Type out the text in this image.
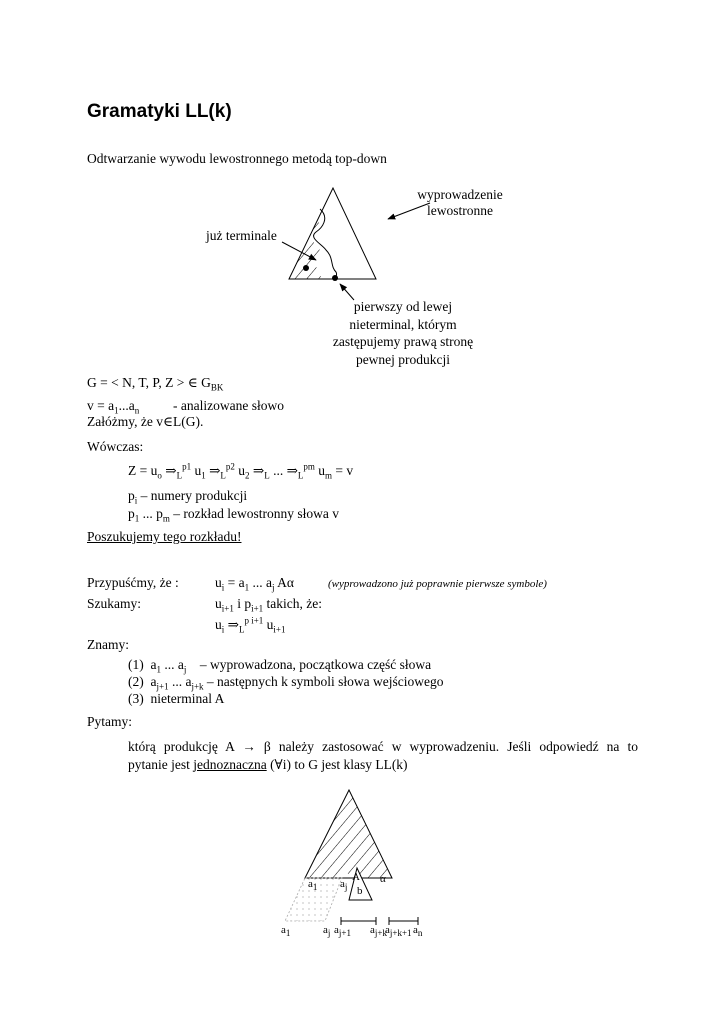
Gramatyki LL(k)
Odtwarzanie wywodu lewostronnego metodą top-down
wyprowadzenie
lewostronne
już terminale
pierwszy od lewej
nieterminal, którym
zastępujemy prawą stronę
pewnej produkcji
G = < N, T, P, Z > ∈ $G_{BK}$
$v = a_1...a_n$	- analizowane słowo
Załóżmy, że v∈L(G).
Wówczas:
$Z = u_o$ $\Rightarrow_L^{p1}$ $u_1$ $\Rightarrow_L^{p2}$ $u_2$ $\Rightarrow_L$ ... $\Rightarrow_L^{pm}$ $u_m = v$
$p_i$ – numery produkcji
$p_1$ ... $p_m$ – rozkład lewostronny słowa v
Poszukujemy tego rozkładu!
Przypuśćmy, że :	$u_i = a_1$ ... $a_j$ Aα	(wyprowadzono już poprawnie pierwsze symbole)
Szukamy:	$u_{i+1}$ i $p_{i+1}$ takich, że:
$u_i$ $\Rightarrow_L^{p i+1}$ $u_{i+1}$
Znamy:
(1) $a_1$ ... $a_j$ – wyprowadzona, początkowa część słowa
(2) $a_{j+1}$ ... $a_{j+k}$ – następnych k symboli słowa wejściowego
(3) nieterminal A
Pytamy:
którą produkcję A → β należy zastosować w wyprowadzeniu. Jeśli odpowiedź na to
pytanie jest jednoznaczna (∀i) to G jest klasy LL(k)
$a_1$ $a_j$
A α
b
$a_1$	$a_j$ $a_{j+1}$ $a_{j+k}$
$a_{j+k+1}$ $a_n$
